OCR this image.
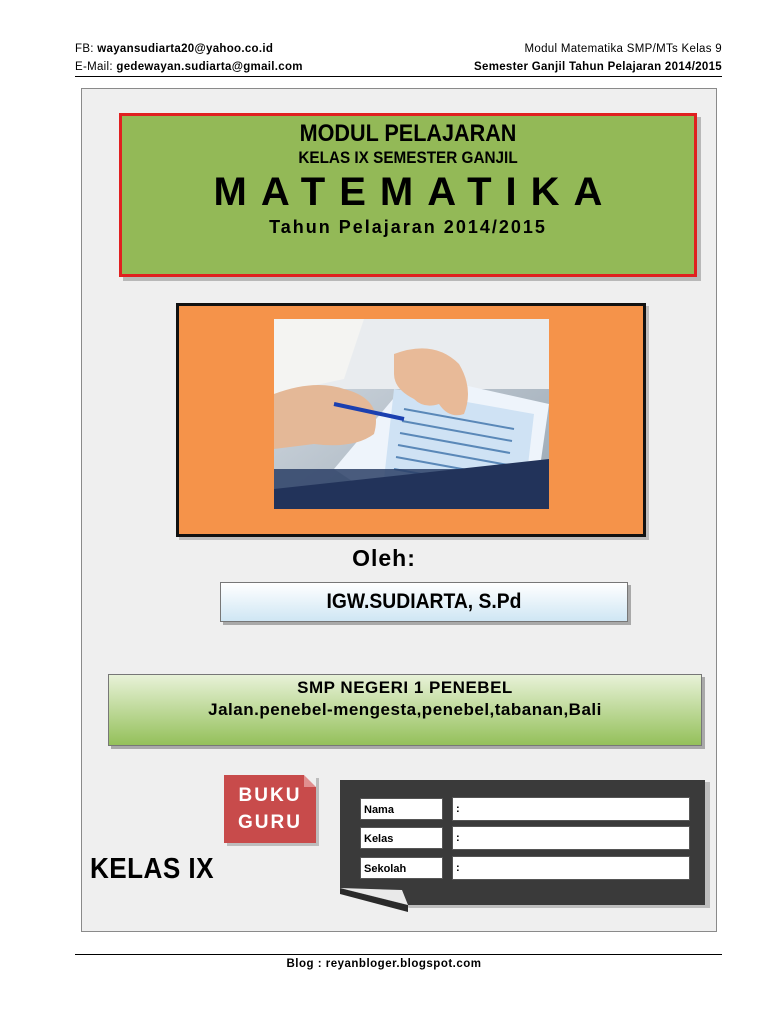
FB: wayansudiarta20@yahoo.co.id
E-Mail: gedewayan.sudiarta@gmail.com
Modul Matematika SMP/MTs Kelas 9
Semester Ganjil Tahun Pelajaran 2014/2015
MODUL PELAJARAN
KELAS IX SEMESTER GANJIL
MATEMATIKA
Tahun Pelajaran 2014/2015
Oleh:
IGW.SUDIARTA, S.Pd
SMP NEGERI 1 PENEBEL
Jalan.penebel-mengesta,penebel,tabanan,Bali
BUKU
GURU
KELAS IX
Nama	:
Kelas	:
Sekolah	:
Blog : reyanbloger.blogspot.com
